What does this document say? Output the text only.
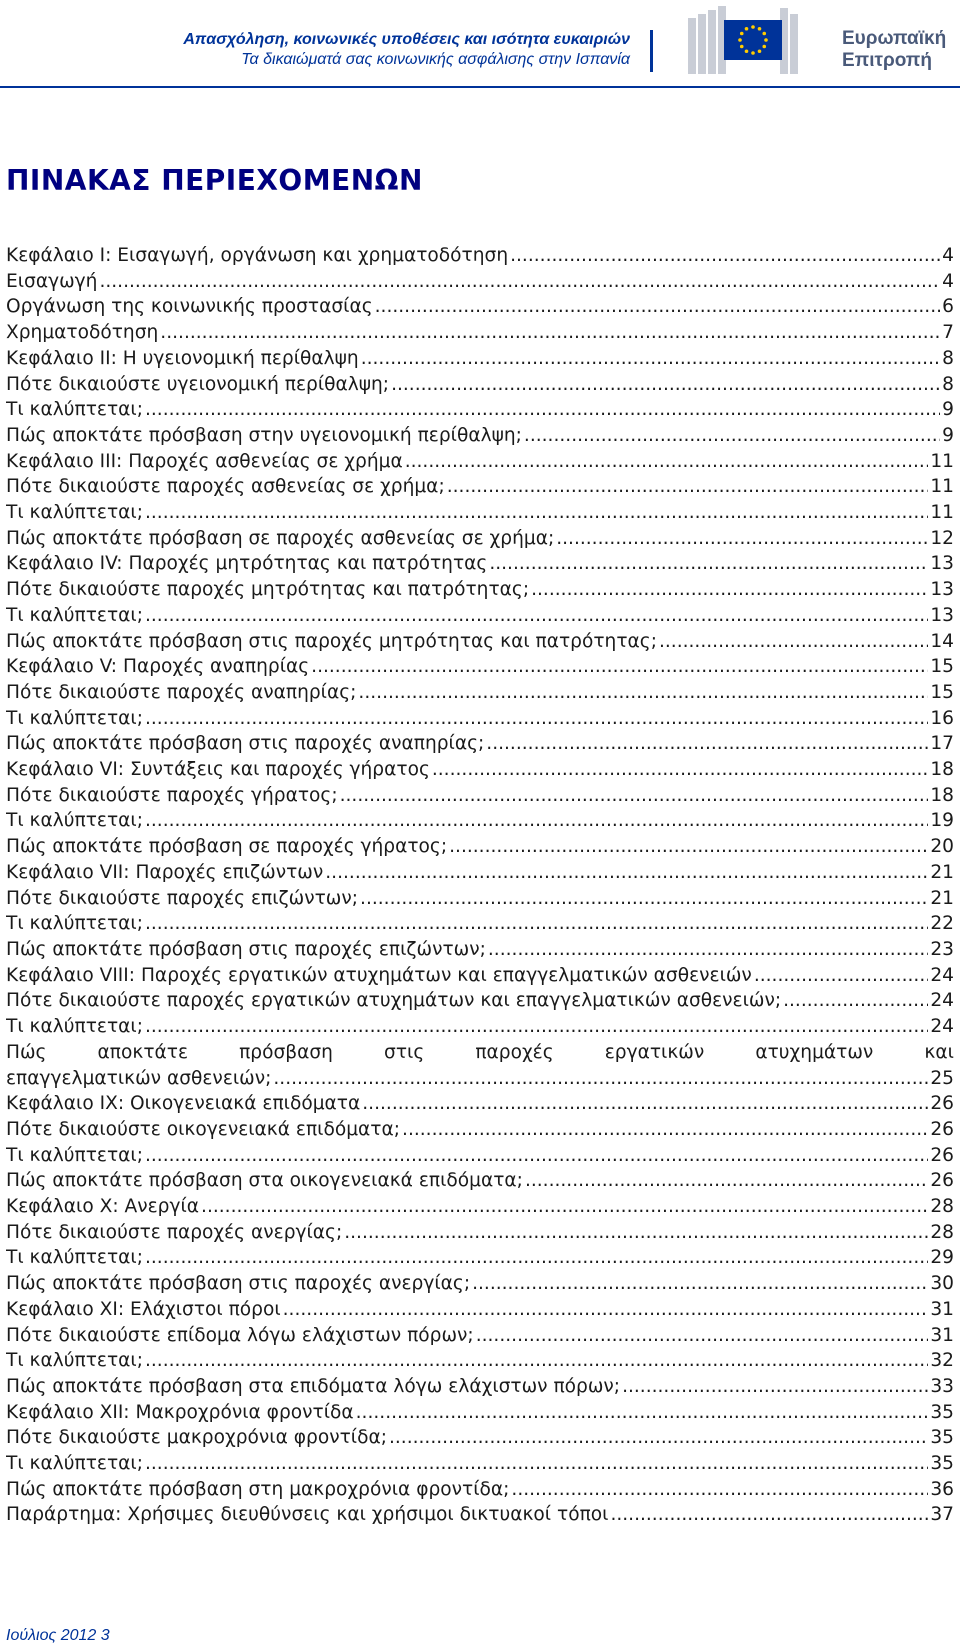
Απασχόληση, κοινωνικές υποθέσεις και ισότητα ευκαιριών
Τα δικαιώματά σας κοινωνικής ασφάλισης στην Ισπανία
Ευρωπαϊκή
Επιτροπή
ΠΙΝΑΚΑΣ ΠΕΡΙΕΧΟΜΕΝΩΝ
Κεφάλαιο Ι: Εισαγωγή, οργάνωση και χρηματοδότηση .....	4
Εισαγωγή .....	4
Οργάνωση της κοινωνικής προστασίας .....	6
Χρηματοδότηση .....	7
Κεφάλαιο ΙΙ: Η υγειονομική περίθαλψη .....	8
Πότε δικαιούστε υγειονομική περίθαλψη; .....	8
Τι καλύπτεται; .....	9
Πώς αποκτάτε πρόσβαση στην υγειονομική περίθαλψη; .....	9
Κεφάλαιο ΙΙΙ: Παροχές ασθενείας σε χρήμα .....	11
Πότε δικαιούστε παροχές ασθενείας σε χρήμα; .....	11
Τι καλύπτεται; .....	11
Πώς αποκτάτε πρόσβαση σε παροχές ασθενείας σε χρήμα; .....	12
Κεφάλαιο IV: Παροχές μητρότητας και πατρότητας .....	13
Πότε δικαιούστε παροχές μητρότητας και πατρότητας; .....	13
Τι καλύπτεται; .....	13
Πώς αποκτάτε πρόσβαση στις παροχές μητρότητας και πατρότητας; .....	14
Κεφάλαιο V: Παροχές αναπηρίας .....	15
Πότε δικαιούστε παροχές αναπηρίας; .....	15
Τι καλύπτεται; .....	16
Πώς αποκτάτε πρόσβαση στις παροχές αναπηρίας; .....	17
Κεφάλαιο VI: Συντάξεις και παροχές γήρατος .....	18
Πότε δικαιούστε παροχές γήρατος; .....	18
Τι καλύπτεται; .....	19
Πώς αποκτάτε πρόσβαση σε παροχές γήρατος; .....	20
Κεφάλαιο VII: Παροχές επιζώντων .....	21
Πότε δικαιούστε παροχές επιζώντων; .....	21
Τι καλύπτεται; .....	22
Πώς αποκτάτε πρόσβαση στις παροχές επιζώντων; .....	23
Κεφάλαιο VIII: Παροχές εργατικών ατυχημάτων και επαγγελματικών ασθενειών .....	24
Πότε δικαιούστε παροχές εργατικών ατυχημάτων και επαγγελματικών ασθενειών; .....	24
Τι καλύπτεται; .....	24
Πώς	αποκτάτε	πρόσβαση	στις	παροχές	εργατικών	ατυχημάτων	και
επαγγελματικών ασθενειών; .....	25
Κεφάλαιο IX: Οικογενειακά επιδόματα .....	26
Πότε δικαιούστε οικογενειακά επιδόματα; .....	26
Τι καλύπτεται; .....	26
Πώς αποκτάτε πρόσβαση στα οικογενειακά επιδόματα; .....	26
Κεφάλαιο Χ: Ανεργία .....	28
Πότε δικαιούστε παροχές ανεργίας; .....	28
Τι καλύπτεται; .....	29
Πώς αποκτάτε πρόσβαση στις παροχές ανεργίας; .....	30
Κεφάλαιο XI: Ελάχιστοι πόροι .....	31
Πότε δικαιούστε επίδομα λόγω ελάχιστων πόρων; .....	31
Τι καλύπτεται; .....	32
Πώς αποκτάτε πρόσβαση στα επιδόματα λόγω ελάχιστων πόρων; .....	33
Κεφάλαιο XII: Μακροχρόνια φροντίδα .....	35
Πότε δικαιούστε μακροχρόνια φροντίδα; .....	35
Τι καλύπτεται; .....	35
Πώς αποκτάτε πρόσβαση στη μακροχρόνια φροντίδα; .....	36
Παράρτημα: Χρήσιμες διευθύνσεις και χρήσιμοι δικτυακοί τόποι .....	37
Ιούλιος 2012 3
